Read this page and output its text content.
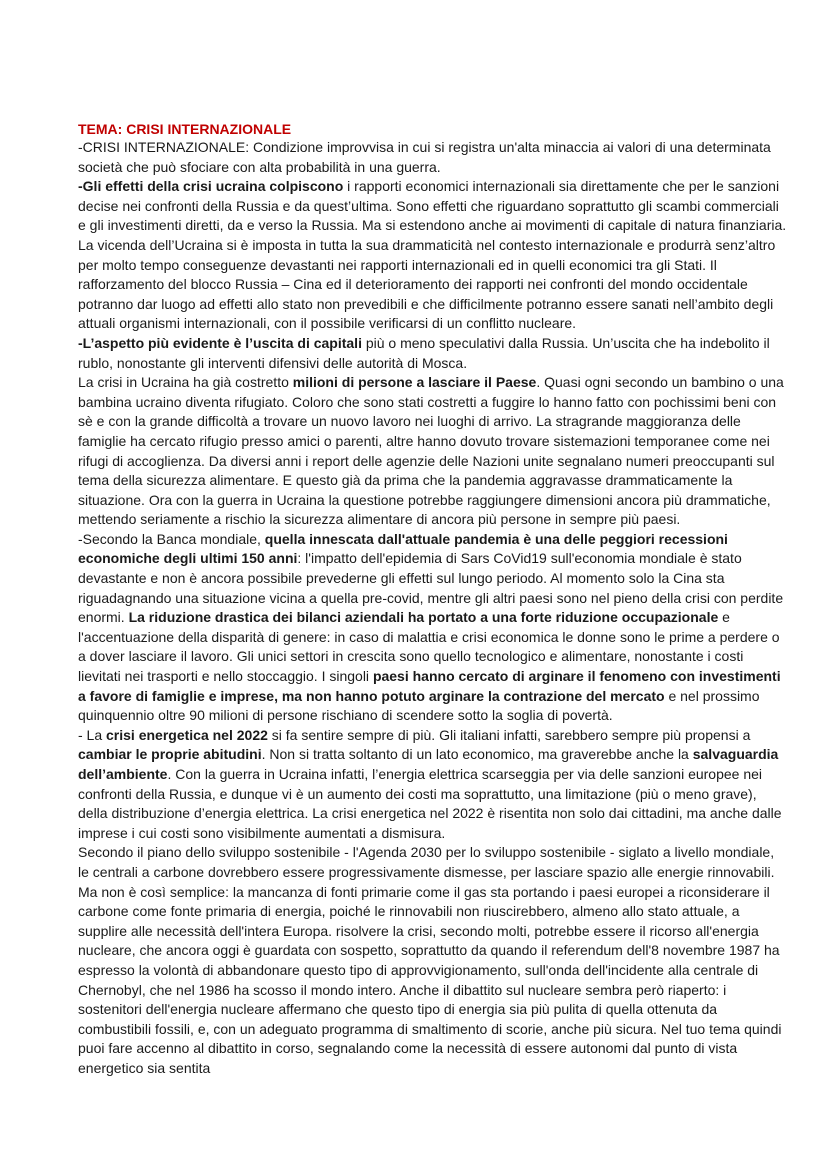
TEMA: CRISI INTERNAZIONALE

-CRISI INTERNAZIONALE: Condizione improvvisa in cui si registra un'alta minaccia ai valori di una determinata società che può sfociare con alta probabilità in una guerra.

-Gli effetti della crisi ucraina colpiscono i rapporti economici internazionali sia direttamente che per le sanzioni decise nei confronti della Russia e da quest’ultima. Sono effetti che riguardano soprattutto gli scambi commerciali e gli investimenti diretti, da e verso la Russia. Ma si estendono anche ai movimenti di capitale di natura finanziaria. La vicenda dell’Ucraina si è imposta in tutta la sua drammaticità nel contesto internazionale e produrrà senz’altro per molto tempo conseguenze devastanti nei rapporti internazionali ed in quelli economici tra gli Stati. Il rafforzamento del blocco Russia – Cina ed il deterioramento dei rapporti nei confronti del mondo occidentale potranno dar luogo ad effetti allo stato non prevedibili e che difficilmente potranno essere sanati nell’ambito degli attuali organismi internazionali, con il possibile verificarsi di un conflitto nucleare.

-L’aspetto più evidente è l’uscita di capitali più o meno speculativi dalla Russia. Un’uscita che ha indebolito il rublo, nonostante gli interventi difensivi delle autorità di Mosca.

La crisi in Ucraina ha già costretto milioni di persone a lasciare il Paese. Quasi ogni secondo un bambino o una bambina ucraino diventa rifugiato. Coloro che sono stati costretti a fuggire lo hanno fatto con pochissimi beni con sè e con la grande difficoltà a trovare un nuovo lavoro nei luoghi di arrivo. La stragrande maggioranza delle famiglie ha cercato rifugio presso amici o parenti, altre hanno dovuto trovare sistemazioni temporanee come nei rifugi di accoglienza. Da diversi anni i report delle agenzie delle Nazioni unite segnalano numeri preoccupanti sul tema della sicurezza alimentare. E questo già da prima che la pandemia aggravasse drammaticamente la situazione. Ora con la guerra in Ucraina la questione potrebbe raggiungere dimensioni ancora più drammatiche, mettendo seriamente a rischio la sicurezza alimentare di ancora più persone in sempre più paesi.

-Secondo la Banca mondiale, quella innescata dall'attuale pandemia è una delle peggiori recessioni economiche degli ultimi 150 anni: l'impatto dell'epidemia di Sars CoVid19 sull'economia mondiale è stato devastante e non è ancora possibile prevederne gli effetti sul lungo periodo. Al momento solo la Cina sta riguadagnando una situazione vicina a quella pre-covid, mentre gli altri paesi sono nel pieno della crisi con perdite enormi. La riduzione drastica dei bilanci aziendali ha portato a una forte riduzione occupazionale e l'accentuazione della disparità di genere: in caso di malattia e crisi economica le donne sono le prime a perdere o a dover lasciare il lavoro. Gli unici settori in crescita sono quello tecnologico e alimentare, nonostante i costi lievitati nei trasporti e nello stoccaggio. I singoli paesi hanno cercato di arginare il fenomeno con investimenti a favore di famiglie e imprese, ma non hanno potuto arginare la contrazione del mercato e nel prossimo quinquennio oltre 90 milioni di persone rischiano di scendere sotto la soglia di povertà.

- La crisi energetica nel 2022 si fa sentire sempre di più. Gli italiani infatti, sarebbero sempre più propensi a cambiar le proprie abitudini. Non si tratta soltanto di un lato economico, ma graverebbe anche la salvaguardia dell’ambiente. Con la guerra in Ucraina infatti, l’energia elettrica scarseggia per via delle sanzioni europee nei confronti della Russia, e dunque vi è un aumento dei costi ma soprattutto, una limitazione (più o meno grave), della distribuzione d’energia elettrica. La crisi energetica nel 2022 è risentita non solo dai cittadini, ma anche dalle imprese i cui costi sono visibilmente aumentati a dismisura.

Secondo il piano dello sviluppo sostenibile - l'Agenda 2030 per lo sviluppo sostenibile - siglato a livello mondiale, le centrali a carbone dovrebbero essere progressivamente dismesse, per lasciare spazio alle energie rinnovabili. Ma non è così semplice: la mancanza di fonti primarie come il gas sta portando i paesi europei a riconsiderare il carbone come fonte primaria di energia, poiché le rinnovabili non riuscirebbero, almeno allo stato attuale, a supplire alle necessità dell'intera Europa. risolvere la crisi, secondo molti, potrebbe essere il ricorso all'energia nucleare, che ancora oggi è guardata con sospetto, soprattutto da quando il referendum dell'8 novembre 1987 ha espresso la volontà di abbandonare questo tipo di approvvigionamento, sull'onda dell'incidente alla centrale di Chernobyl, che nel 1986 ha scosso il mondo intero. Anche il dibattito sul nucleare sembra però riaperto: i sostenitori dell'energia nucleare affermano che questo tipo di energia sia più pulita di quella ottenuta da combustibili fossili, e, con un adeguato programma di smaltimento di scorie, anche più sicura. Nel tuo tema quindi puoi fare accenno al dibattito in corso, segnalando come la necessità di essere autonomi dal punto di vista energetico sia sentita
